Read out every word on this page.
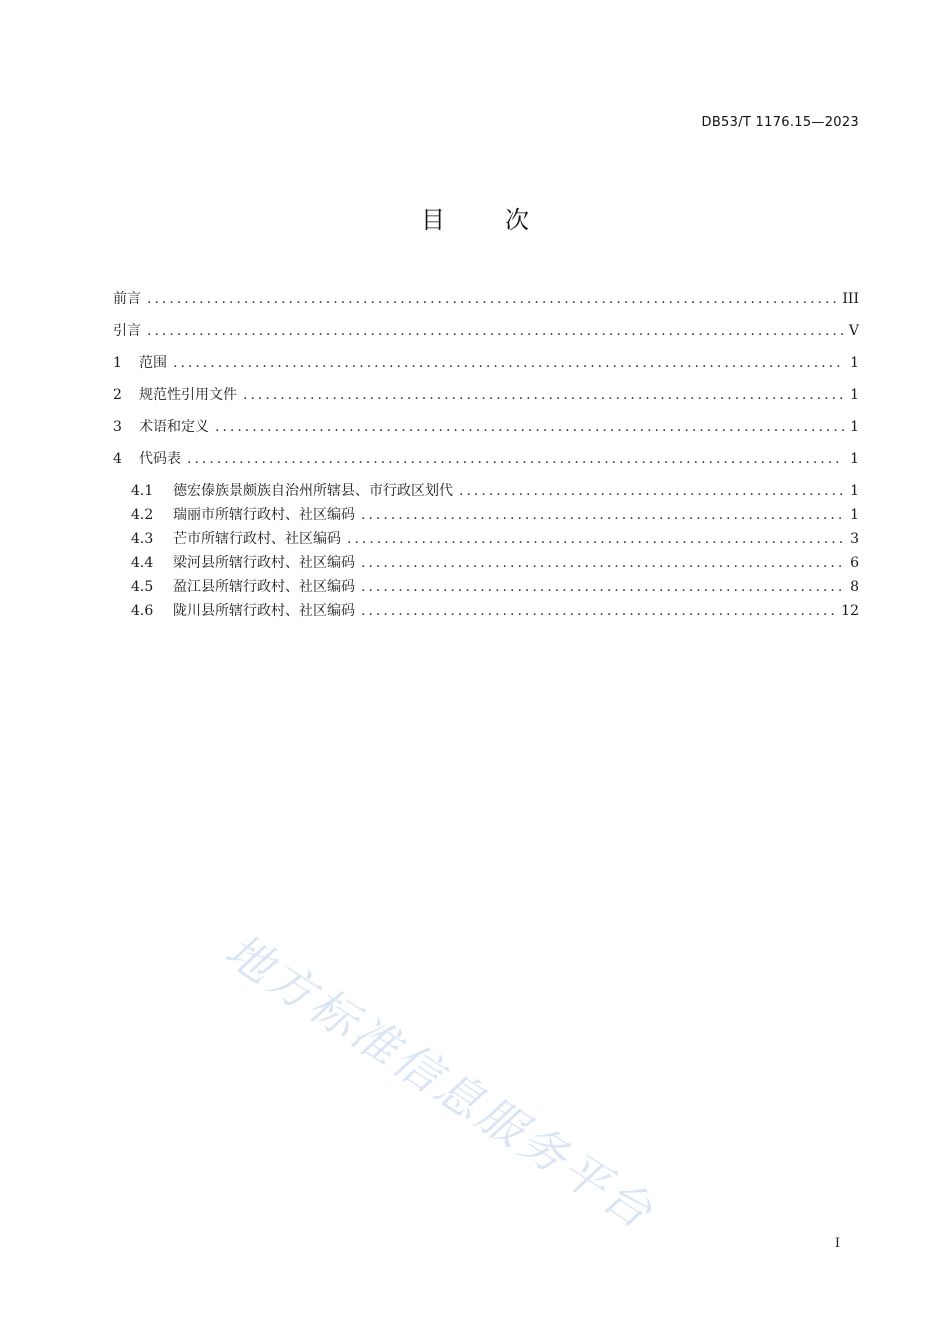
DB53/T 1176.15—2023
目次
前言 .....	III
引言 .....	V
1	范围 .....	1
2	规范性引用文件 .....	1
3	术语和定义 .....	1
4	代码表 .....	1
4.1	德宏傣族景颇族自治州所辖县、市行政区划代 .....	1
4.2	瑞丽市所辖行政村、社区编码 .....	1
4.3	芒市所辖行政村、社区编码 .....	3
4.4	梁河县所辖行政村、社区编码 .....	6
4.5	盈江县所辖行政村、社区编码 .....	8
4.6	陇川县所辖行政村、社区编码 .....	12
地方标准信息服务平台
I
